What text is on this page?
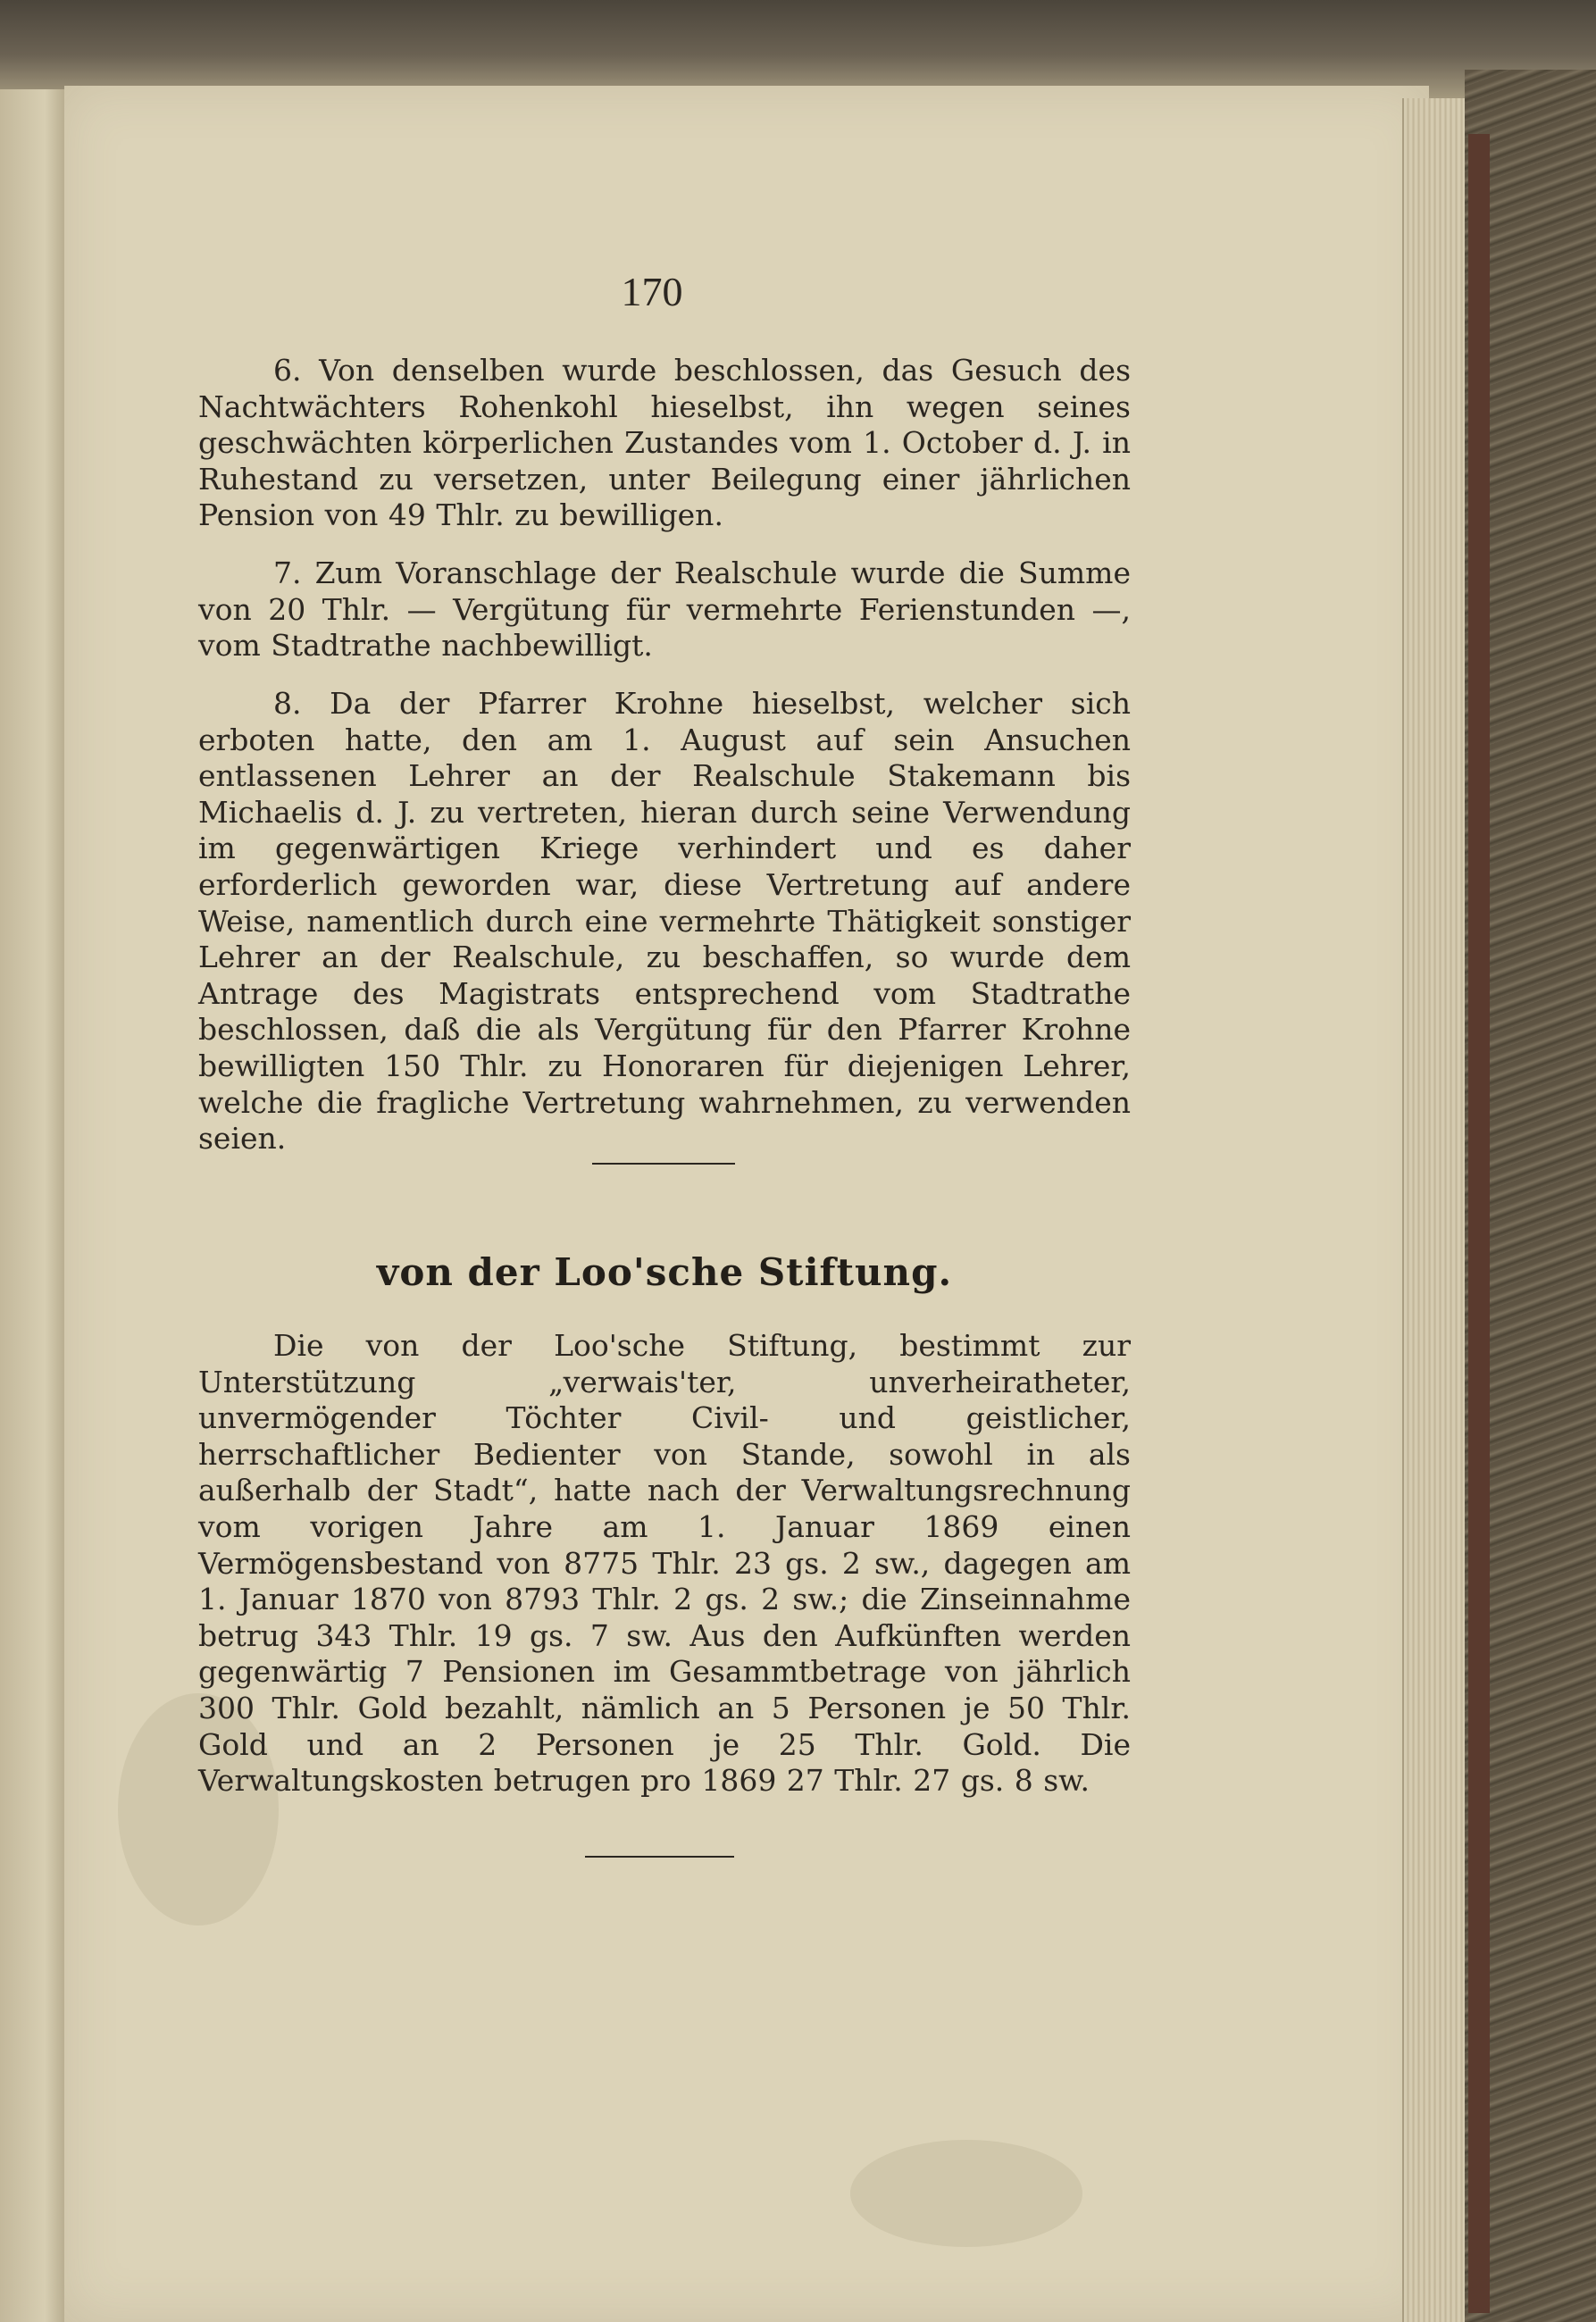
170

6. Von denselben wurde beschlossen, das Gesuch des Nachtwächters Rohenkohl hieselbst, ihn wegen seines geschwächten körperlichen Zustandes vom 1. October d. J. in Ruhestand zu versetzen, unter Beilegung einer jährlichen Pension von 49 Thlr. zu bewilligen.

7. Zum Voranschlage der Realschule wurde die Summe von 20 Thlr. — Vergütung für vermehrte Ferienstunden —, vom Stadtrathe nachbewilligt.

8. Da der Pfarrer Krohne hieselbst, welcher sich erboten hatte, den am 1. August auf sein Ansuchen entlassenen Lehrer an der Realschule Stakemann bis Michaelis d. J. zu vertreten, hieran durch seine Verwendung im gegenwärtigen Kriege verhindert und es daher erforderlich geworden war, diese Vertretung auf andere Weise, namentlich durch eine vermehrte Thätigkeit sonstiger Lehrer an der Realschule, zu beschaffen, so wurde dem Antrage des Magistrats entsprechend vom Stadtrathe beschlossen, daß die als Vergütung für den Pfarrer Krohne bewilligten 150 Thlr. zu Honoraren für diejenigen Lehrer, welche die fragliche Vertretung wahrnehmen, zu verwenden seien.

von der Loo'sche Stiftung.

Die von der Loo'sche Stiftung, bestimmt zur Unterstützung „verwais'ter, unverheiratheter, unvermögender Töchter Civil- und geistlicher, herrschaftlicher Bedienter von Stande, sowohl in als außerhalb der Stadt“, hatte nach der Verwaltungsrechnung vom vorigen Jahre am 1. Januar 1869 einen Vermögensbestand von 8775 Thlr. 23 gs. 2 sw., dagegen am 1. Januar 1870 von 8793 Thlr. 2 gs. 2 sw.; die Zinseinnahme betrug 343 Thlr. 19 gs. 7 sw. Aus den Aufkünften werden gegenwärtig 7 Pensionen im Gesammtbetrage von jährlich 300 Thlr. Gold bezahlt, nämlich an 5 Personen je 50 Thlr. Gold und an 2 Personen je 25 Thlr. Gold. Die Verwaltungskosten betrugen pro 1869 27 Thlr. 27 gs. 8 sw.
